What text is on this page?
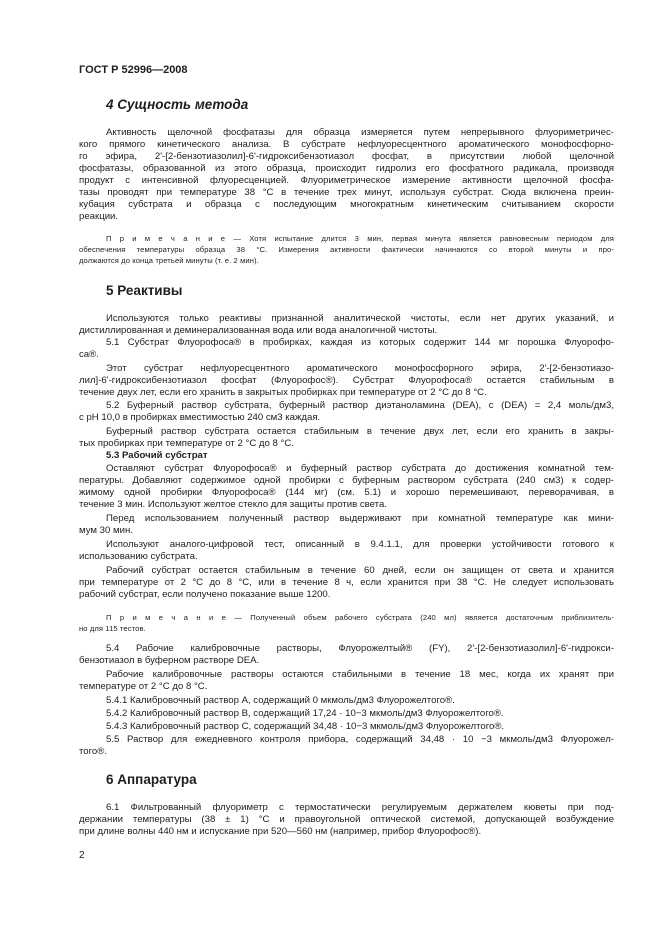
ГОСТ Р 52996—2008
4 Сущность метода
Активность щелочной фосфатазы для образца измеряется путем непрерывного флуориметричес-
кого прямого кинетического анализа. В субстрате нефлуоресцентного ароматического монофосфорно-
го эфира, 2'-[2-бензотиазолил]-6'-гидроксибензотиазол фосфат, в присутствии любой щелочной
фосфатазы, образованной из этого образца, происходит гидролиз его фосфатного радикала, производя
продукт с интенсивной флуоресценцией. Флуориметрическое измерение активности щелочной фосфа-
тазы проводят при температуре 38 °C в течение трех минут, используя субстрат. Сюда включена преин-
кубация субстрата и образца с последующим многократным кинетическим считыванием скорости
реакции.
П р и м е ч а н и е — Хотя испытание длится 3 мин, первая минута является равновесным периодом для
обеспечения температуры образца 38 °C. Измерения активности фактически начинаются со второй минуты и про-
должаются до конца третьей минуты (т. е. 2 мин).
5 Реактивы
Используются только реактивы признанной аналитической чистоты, если нет других указаний, и
дистиллированная и деминерализованная вода или вода аналогичной чистоты.
5.1 Субстрат Флуорофоса® в пробирках, каждая из которых содержит 144 мг порошка Флуорофо-
са®.
Этот субстрат нефлуоресцентного ароматического монофосфорного эфира, 2'-[2-бензотиазо-
лил]-6'-гидроксибензотиазол фосфат (Флуорофос®). Субстрат Флуорофоса® остается стабильным в
течение двух лет, если его хранить в закрытых пробирках при температуре от 2 °C до 8 °C.
5.2 Буферный раствор субстрата, буферный раствор диэтаноламина (DEA), c (DEA) = 2,4 моль/дм3,
с pH 10,0 в пробирках вместимостью 240 см3 каждая.
Буферный раствор субстрата остается стабильным в течение двух лет, если его хранить в закры-
тых пробирках при температуре от 2 °C до 8 °C.
5.3 Рабочий субстрат
Оставляют субстрат Флуорофоса® и буферный раствор субстрата до достижения комнатной тем-
пературы. Добавляют содержимое одной пробирки с буферным раствором субстрата (240 см3) к содер-
жимому одной пробирки Флуорофоса® (144 мг) (см. 5.1) и хорошо перемешивают, переворачивая, в
течение 3 мин. Используют желтое стекло для защиты против света.
Перед использованием полученный раствор выдерживают при комнатной температуре как мини-
мум 30 мин.
Используют аналого-цифровой тест, описанный в 9.4.1.1, для проверки устойчивости готового к
использованию субстрата.
Рабочий субстрат остается стабильным в течение 60 дней, если он защищен от света и хранится
при температуре от 2 °C до 8 °C, или в течение 8 ч, если хранится при 38 °C. Не следует использовать
рабочий субстрат, если получено показание выше 1200.
П р и м е ч а н и е — Полученный объем рабочего субстрата (240 мл) является достаточным приблизитель-
но для 115 тестов.
5.4 Рабочие калибровочные растворы, Флуорожелтый® (FY), 2'-[2-бензотиазолил]-6'-гидрокси-
бензотиазол в буферном растворе DEA.
Рабочие калибровочные растворы остаются стабильными в течение 18 мес, когда их хранят при
температуре от 2 °C до 8 °C.
5.4.1 Калибровочный раствор А, содержащий 0 мкмоль/дм3 Флуорожелтого®.
5.4.2 Калибровочный раствор В, содержащий 17,24 · 10−3 мкмоль/дм3 Флуорожелтого®.
5.4.3 Калибровочный раствор С, содержащий 34,48 · 10−3 мкмоль/дм3 Флуорожелтого®.
5.5 Раствор для ежедневного контроля прибора, содержащий 34,48 · 10 −3 мкмоль/дм3 Флуорожел-
того®.
6 Аппаратура
6.1 Фильтрованный флуориметр с термостатически регулируемым держателем кюветы при под-
держании температуры (38 ± 1) °C и правоугольной оптической системой, допускающей возбуждение
при длине волны 440 нм и испускание при 520—560 нм (например, прибор Флуорофос®).
2
